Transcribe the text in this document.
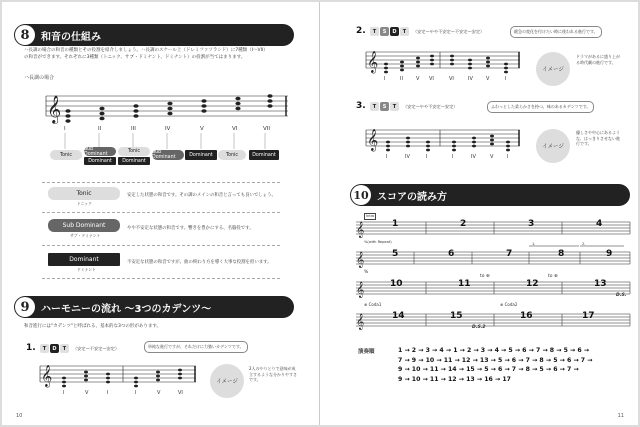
8	和音の仕組み
ハ長調の場合の和音の種類とその役割を紹介しましょう。ハ長調のスケール上（ドレミファソラシド）に7種類（I〜VII）
の和音ができます。それぞれに3種類（トニック、サブ・ドミナント、ドミナント）の役割が当てはまります。
ハ長調の場合
𝄞
I	II	III	IV	V	VI	VII
Tonic
Sub Dominant
Dominant
Tonic
Dominant
Sub Dominant	Dominant	Tonic	Dominant
Tonic
トニック
安定した状態の和音です。その調のメインの和音と言っても良いでしょう。
Sub Dominant
サブ・ドミナント
やや不安定な状態の和音です。響きを豊かにする、名脇役です。
Dominant
ドミナント
不安定な状態の和音ですが、曲の終わり方を導く大事な役割を担います。
9	ハーモニーの流れ 〜3つのカデンツ〜
和音進行には"カデンツ"と呼ばれる、基本的な3つの形があります。
1.	T	D	T	（安定—不安定—安定）	単純な進行ですが、それだけに力強いカデンツです。
𝄞
I	V	I	I	V	VI
イメージ
2人のやりとりで意味が成立するような分かりやすさです。
10
2.	T	S	D	T	（安定—やや不安定—不安定—安定）	緩急の変化を付けたい時に使われる進行です。
𝄞
I	II	V VI	VI	IV	V	I
イメージ
ドラマがあるに盛り上がる時代劇の進行です。
3.	T	S	T	（安定—やや不安定—安定）	ふわっとした柔らかさを持つ、味のあるカデンツです。
𝄞
I	IV	I	I	IV	V	I
イメージ
優しさや中心にあるような、はっきりさせない進行です。
10 スコアの読み方
𝄞
𝄞
𝄞
𝄞
Intro
1	2	3	4
%(with Repeat)	1.	2.
5	6	7	8	9
%
to ⊕	to ⊕
10	11	12	13
D.S.
⊕ Coda1	⊕ Coda2
14	15	16	17
D.S.2
演奏順	1 → 2 → 3 → 4 → 1 → 2 → 3 → 4 → 5 → 6 → 7 → 8 → 5 → 6 →
7 → 9 → 10 → 11 → 12 → 13 → 5 → 6 → 7 → 8 → 5 → 6 → 7 →
9 → 10 → 11 → 14 → 15 → 5 → 6 → 7 → 8 → 5 → 6 → 7 →
9 → 10 → 11 → 12 → 13 → 16 → 17
11
